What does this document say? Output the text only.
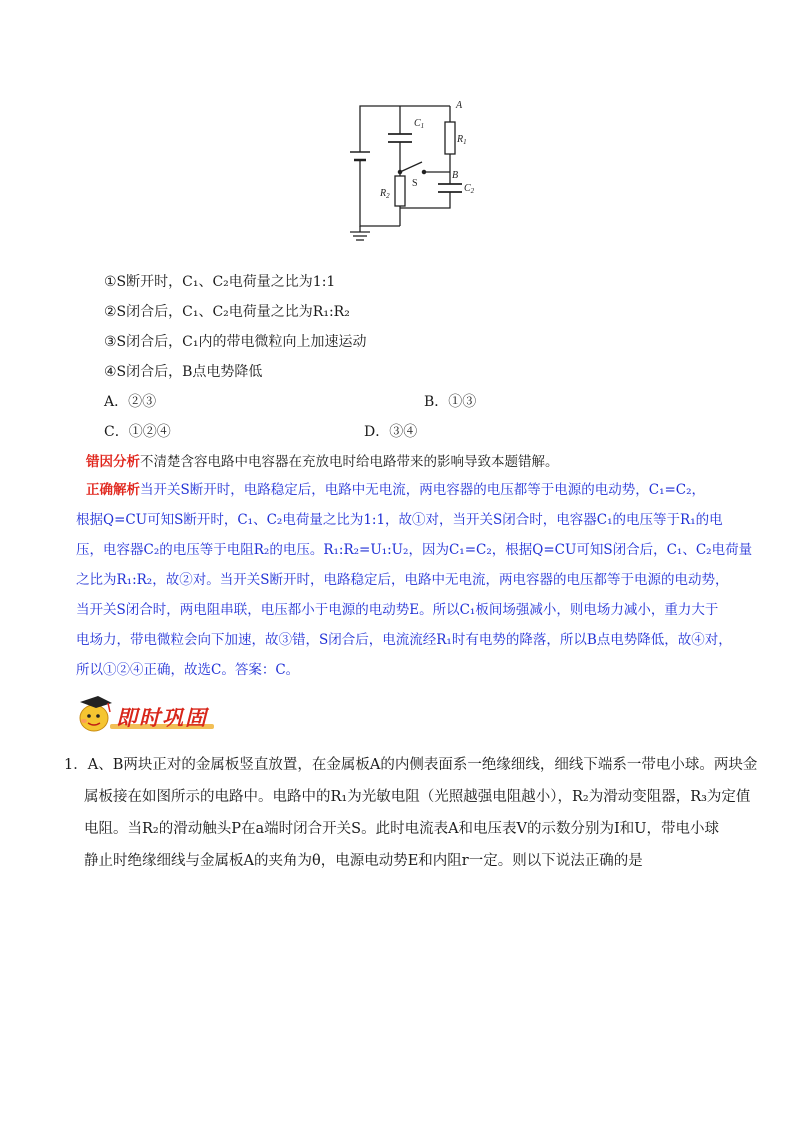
A
$C_1$
$R_1$
B
$C_2$
$R_2$
S
①S断开时，C₁、C₂电荷量之比为1:1
②S闭合后，C₁、C₂电荷量之比为R₁:R₂
③S闭合后，C₁内的带电微粒向上加速运动
④S闭合后，B点电势降低
A．②③	B．①③
C．①②④	D．③④
错因分析不清楚含容电路中电容器在充放电时给电路带来的影响导致本题错解。
正确解析当开关S断开时，电路稳定后，电路中无电流，两电容器的电压都等于电源的电动势，C₁=C₂，
根据Q=CU可知S断开时，C₁、C₂电荷量之比为1:1，故①对，当开关S闭合时，电容器C₁的电压等于R₁的电
压，电容器C₂的电压等于电阻R₂的电压。R₁:R₂=U₁:U₂，因为C₁=C₂，根据Q=CU可知S闭合后，C₁、C₂电荷量
之比为R₁:R₂，故②对。当开关S断开时，电路稳定后，电路中无电流，两电容器的电压都等于电源的电动势，
当开关S闭合时，两电阻串联，电压都小于电源的电动势E。所以C₁板间场强减小，则电场力减小，重力大于
电场力，带电微粒会向下加速，故③错，S闭合后，电流流经R₁时有电势的降落，所以B点电势降低，故④对，
所以①②④正确，故选C。答案：C。
即时巩固
1．A、B两块正对的金属板竖直放置，在金属板A的内侧表面系一绝缘细线，细线下端系一带电小球。两块金
属板接在如图所示的电路中。电路中的R₁为光敏电阻（光照越强电阻越小），R₂为滑动变阻器，R₃为定值
电阻。当R₂的滑动触头P在a端时闭合开关S。此时电流表A和电压表V的示数分别为I和U，带电小球
静止时绝缘细线与金属板A的夹角为θ，电源电动势E和内阻r一定。则以下说法正确的是
